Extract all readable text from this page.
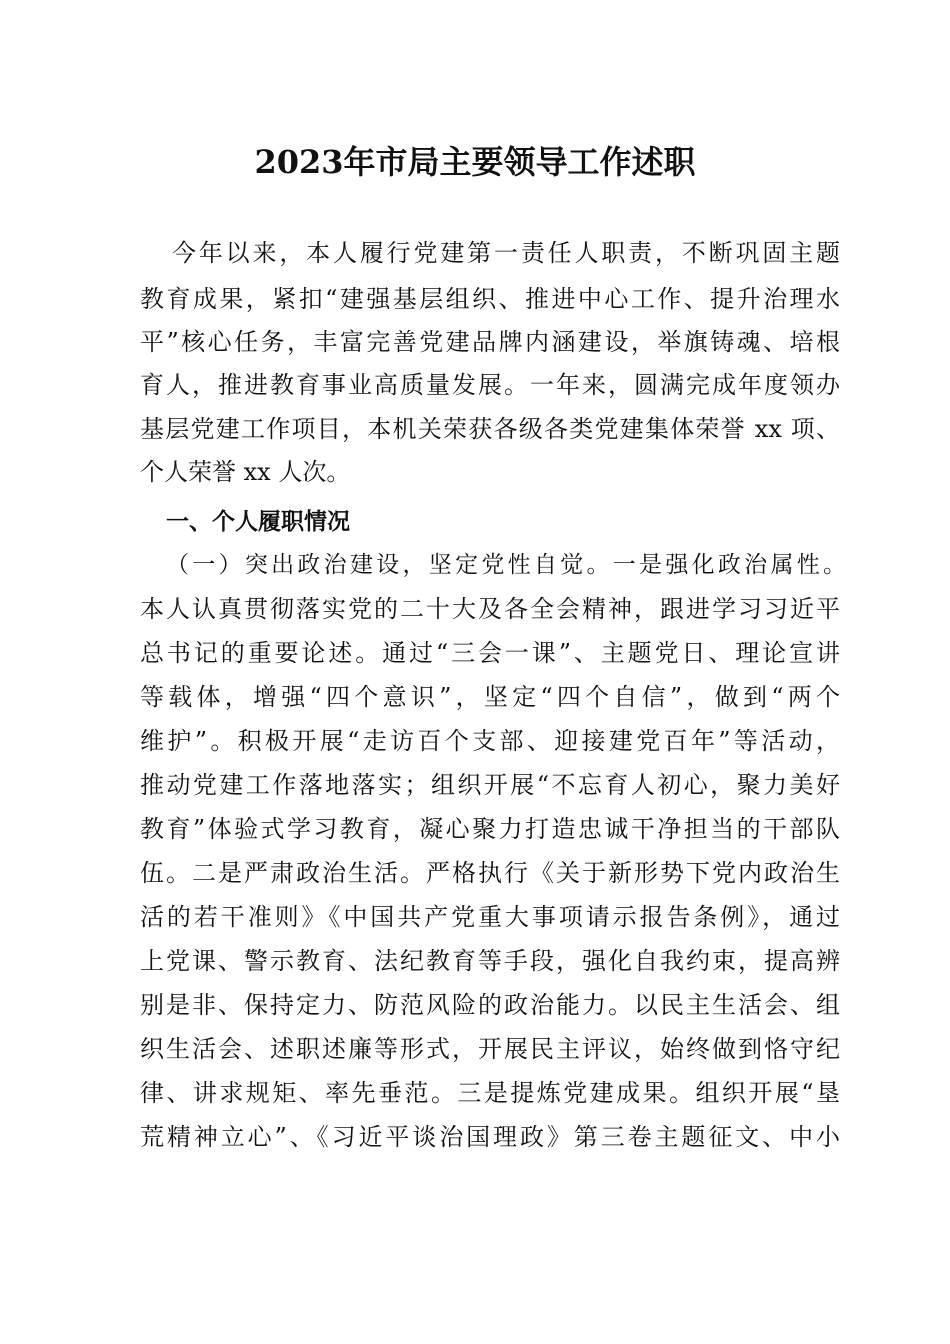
2023年市局主要领导工作述职
今年以来，本人履行党建第一责任人职责，不断巩固主题
教育成果，紧扣“建强基层组织、推进中心工作、提升治理水
平”核心任务，丰富完善党建品牌内涵建设，举旗铸魂、培根
育人，推进教育事业高质量发展。一年来，圆满完成年度领办
基层党建工作项目，本机关荣获各级各类党建集体荣誉 xx 项、
个人荣誉 xx 人次。
一、个人履职情况
（一）突出政治建设，坚定党性自觉。一是强化政治属性。
本人认真贯彻落实党的二十大及各全会精神，跟进学习习近平
总书记的重要论述。通过“三会一课”、主题党日、理论宣讲
等载体，增强“四个意识”，坚定“四个自信”，做到“两个
维护”。积极开展“走访百个支部、迎接建党百年”等活动，
推动党建工作落地落实；组织开展“不忘育人初心，聚力美好
教育”体验式学习教育，凝心聚力打造忠诚干净担当的干部队
伍。二是严肃政治生活。严格执行《关于新形势下党内政治生
活的若干准则》《中国共产党重大事项请示报告条例》，通过
上党课、警示教育、法纪教育等手段，强化自我约束，提高辨
别是非、保持定力、防范风险的政治能力。以民主生活会、组
织生活会、述职述廉等形式，开展民主评议，始终做到恪守纪
律、讲求规矩、率先垂范。三是提炼党建成果。组织开展“垦
荒精神立心”、《习近平谈治国理政》第三卷主题征文、中小
